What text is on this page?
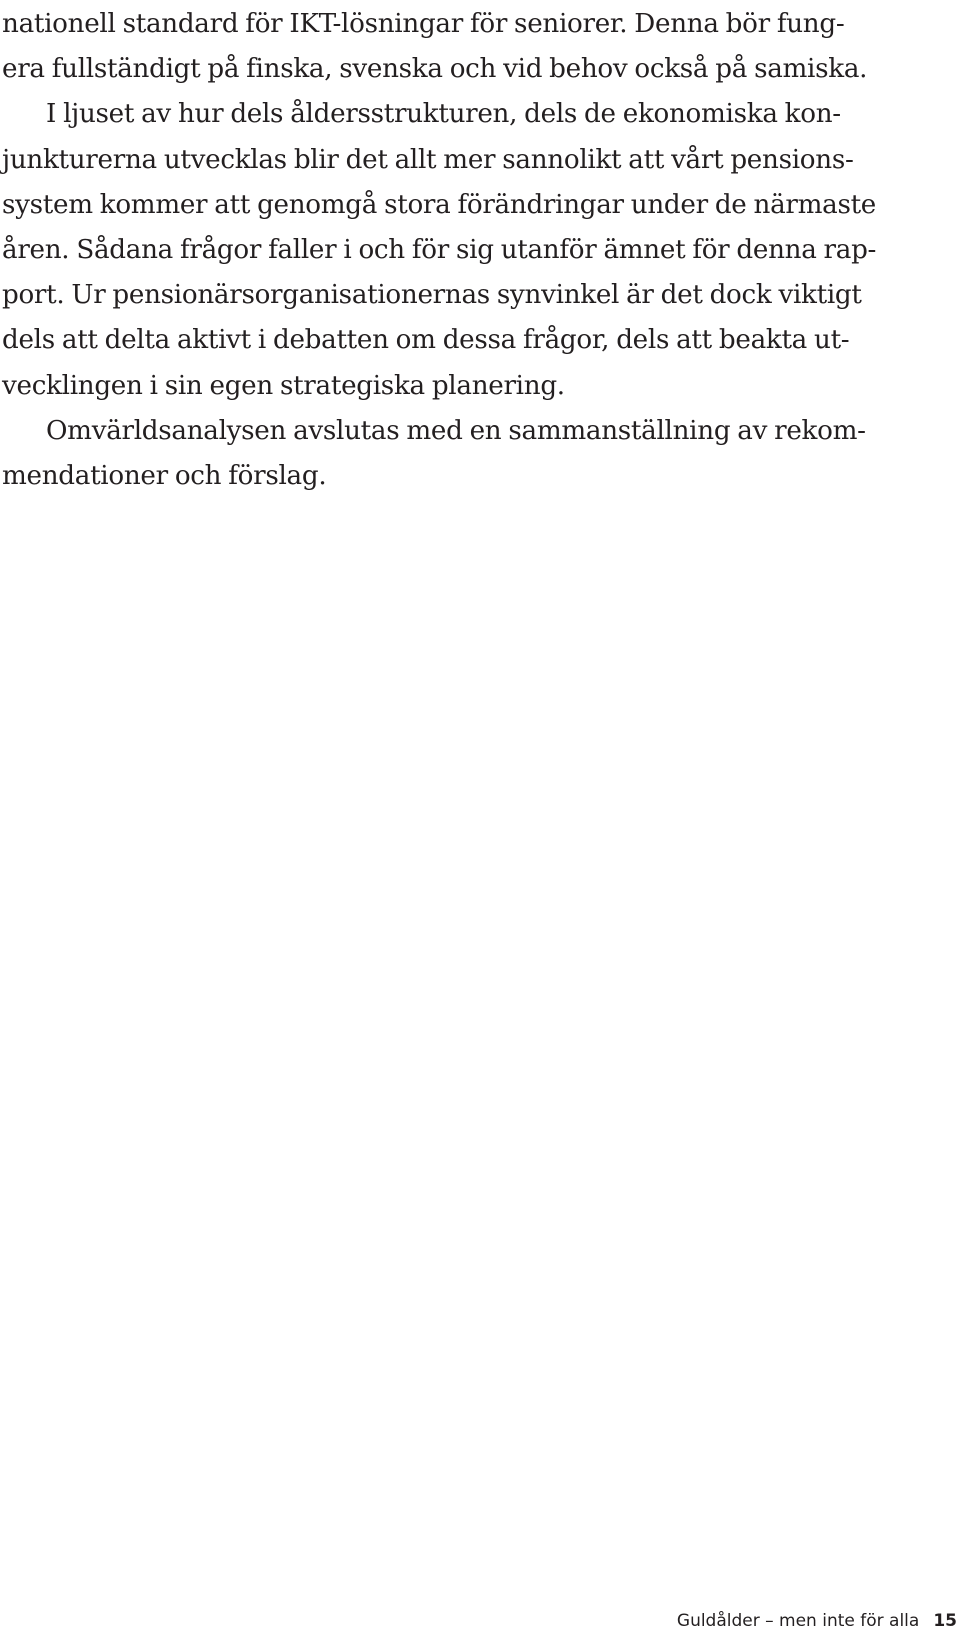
nationell standard för IKT-lösningar för seniorer. Denna bör fung-
era fullständigt på finska, svenska och vid behov också på samiska.
I ljuset av hur dels åldersstrukturen, dels de ekonomiska kon-
junkturerna utvecklas blir det allt mer sannolikt att vårt pensions-
system kommer att genomgå stora förändringar under de närmaste
åren. Sådana frågor faller i och för sig utanför ämnet för denna rap-
port. Ur pensionärsorganisationernas synvinkel är det dock viktigt
dels att delta aktivt i debatten om dessa frågor, dels att beakta ut-
vecklingen i sin egen strategiska planering.
Omvärldsanalysen avslutas med en sammanställning av rekom-
mendationer och förslag.
Guldålder – men inte för alla 15
